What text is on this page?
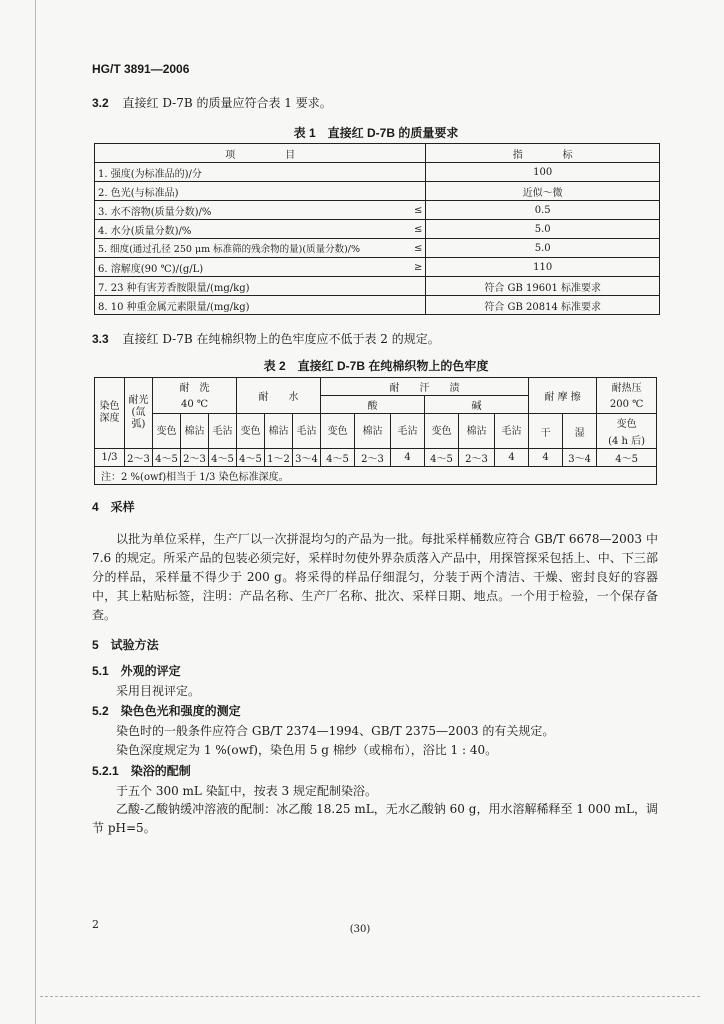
HG/T 3891—2006
3.2 直接红 D-7B 的质量应符合表 1 要求。
表 1　直接红 D-7B 的质量要求
项　　　　　目		指　　　　标
1. 强度(为标准品的)/分		100
2. 色光(与标准品)		近似～微
3. 水不溶物(质量分数)/%	≤	0.5
4. 水分(质量分数)/%	≤	5.0
5. 细度(通过孔径 250 μm 标准筛的残余物的量)(质量分数)/%	≤	5.0
6. 溶解度(90 ℃)/(g/L)	≥	110
7. 23 种有害芳香胺限量/(mg/kg)		符合 GB 19601 标准要求
8. 10 种重金属元素限量/(mg/kg)		符合 GB 20814 标准要求
3.3 直接红 D-7B 在纯棉织物上的色牢度应不低于表 2 的规定。
表 2　直接红 D-7B 在纯棉织物上的色牢度
染色深度	耐光(氙弧)	耐　洗			耐　　水			耐　　汗　　渍						耐 摩 擦		耐热压
		40 ℃						酸			碱					200 ℃
		变色	棉沾	毛沾	变色	棉沾	毛沾	变色	棉沾	毛沾	变色	棉沾	毛沾	干	湿	变色
																(4 h 后)
1/3	2～3	4～5	2～3	4～5	4～5	1～2	3～4	4～5	2～3	4	4～5	2～3	4	4	3～4	4～5
注：2 %(owf)相当于 1/3 染色标准深度。																
4　采样
以批为单位采样，生产厂以一次拼混均匀的产品为一批。每批采样桶数应符合 GB/T 6678—2003 中 7.6 的规定。所采产品的包装必须完好，采样时勿使外界杂质落入产品中，用探管探采包括上、中、下三部分的样品，采样量不得少于 200 g。将采得的样品仔细混匀，分装于两个清洁、干燥、密封良好的容器中，其上粘贴标签，注明：产品名称、生产厂名称、批次、采样日期、地点。一个用于检验，一个保存备查。
5　试验方法
5.1　外观的评定
采用目视评定。
5.2　染色色光和强度的测定
染色时的一般条件应符合 GB/T 2374—1994、GB/T 2375—2003 的有关规定。
染色深度规定为 1 %(owf)，染色用 5 g 棉纱（或棉布），浴比 1 : 40。
5.2.1　染浴的配制
于五个 300 mL 染缸中，按表 3 规定配制染浴。
乙酸-乙酸钠缓冲溶液的配制：冰乙酸 18.25 mL，无水乙酸钠 60 g，用水溶解稀释至 1 000 mL，调节 pH=5。
2	(30)
